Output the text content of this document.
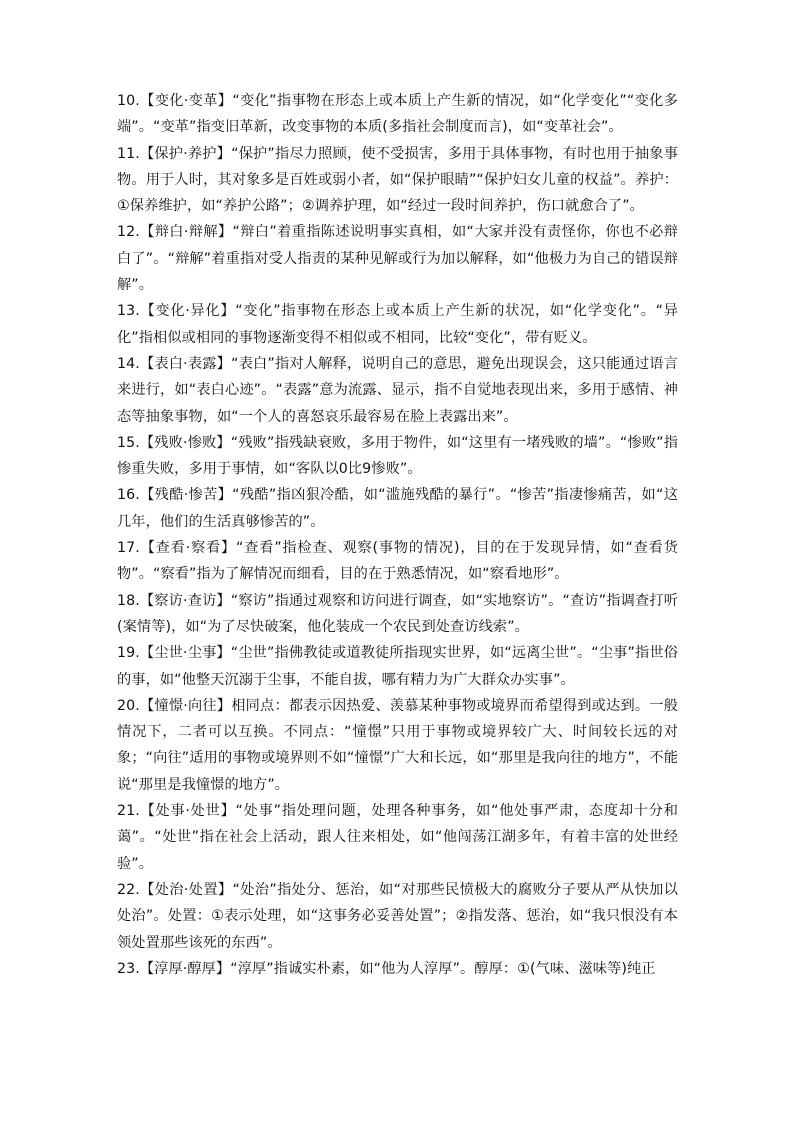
10.【变化·变革】“变化”指事物在形态上或本质上产生新的情况，如“化学变化”“变化多端”。“变革”指变旧革新，改变事物的本质(多指社会制度而言)，如“变革社会”。

11.【保护·养护】“保护”指尽力照顾，使不受损害，多用于具体事物，有时也用于抽象事物。用于人时，其对象多是百姓或弱小者，如“保护眼睛”“保护妇女儿童的权益”。养护：①保养维护，如“养护公路”；②调养护理，如“经过一段时间养护，伤口就愈合了”。

12.【辩白·辩解】“辩白”着重指陈述说明事实真相，如“大家并没有责怪你，你也不必辩白了”。“辩解”着重指对受人指责的某种见解或行为加以解释，如“他极力为自己的错误辩解”。

13.【变化·异化】“变化”指事物在形态上或本质上产生新的状况，如“化学变化”。“异化”指相似或相同的事物逐渐变得不相似或不相同，比较“变化”，带有贬义。

14.【表白·表露】“表白”指对人解释，说明自己的意思，避免出现误会，这只能通过语言来进行，如“表白心迹”。“表露”意为流露、显示，指不自觉地表现出来，多用于感情、神态等抽象事物，如“一个人的喜怒哀乐最容易在脸上表露出来”。

15.【残败·惨败】“残败”指残缺衰败，多用于物件，如“这里有一堵残败的墙”。“惨败”指惨重失败，多用于事情，如“客队以0比9惨败”。

16.【残酷·惨苦】“残酷”指凶狠冷酷，如“滥施残酷的暴行”。“惨苦”指凄惨痛苦，如“这几年，他们的生活真够惨苦的”。

17.【查看·察看】“查看”指检查、观察(事物的情况)，目的在于发现异情，如“查看货物”。“察看”指为了解情况而细看，目的在于熟悉情况，如“察看地形”。

18.【察访·查访】“察访”指通过观察和访问进行调查，如“实地察访”。“查访”指调查打听(案情等)，如“为了尽快破案，他化装成一个农民到处查访线索”。

19.【尘世·尘事】“尘世”指佛教徒或道教徒所指现实世界，如“远离尘世”。“尘事”指世俗的事，如“他整天沉溺于尘事，不能自拔，哪有精力为广大群众办实事”。

20.【憧憬·向往】相同点：都表示因热爱、羡慕某种事物或境界而希望得到或达到。一般情况下，二者可以互换。不同点：“憧憬”只用于事物或境界较广大、时间较长远的对象；“向往”适用的事物或境界则不如“憧憬”广大和长远，如“那里是我向往的地方”，不能说“那里是我憧憬的地方”。

21.【处事·处世】“处事”指处理问题，处理各种事务，如“他处事严肃，态度却十分和蔼”。“处世”指在社会上活动，跟人往来相处，如“他闯荡江湖多年，有着丰富的处世经验”。

22.【处治·处置】“处治”指处分、惩治，如“对那些民愤极大的腐败分子要从严从快加以处治”。处置：①表示处理，如“这事务必妥善处置”；②指发落、惩治，如“我只恨没有本领处置那些该死的东西”。

23.【淳厚·醇厚】“淳厚”指诚实朴素，如“他为人淳厚”。醇厚：①(气味、滋味等)纯正
